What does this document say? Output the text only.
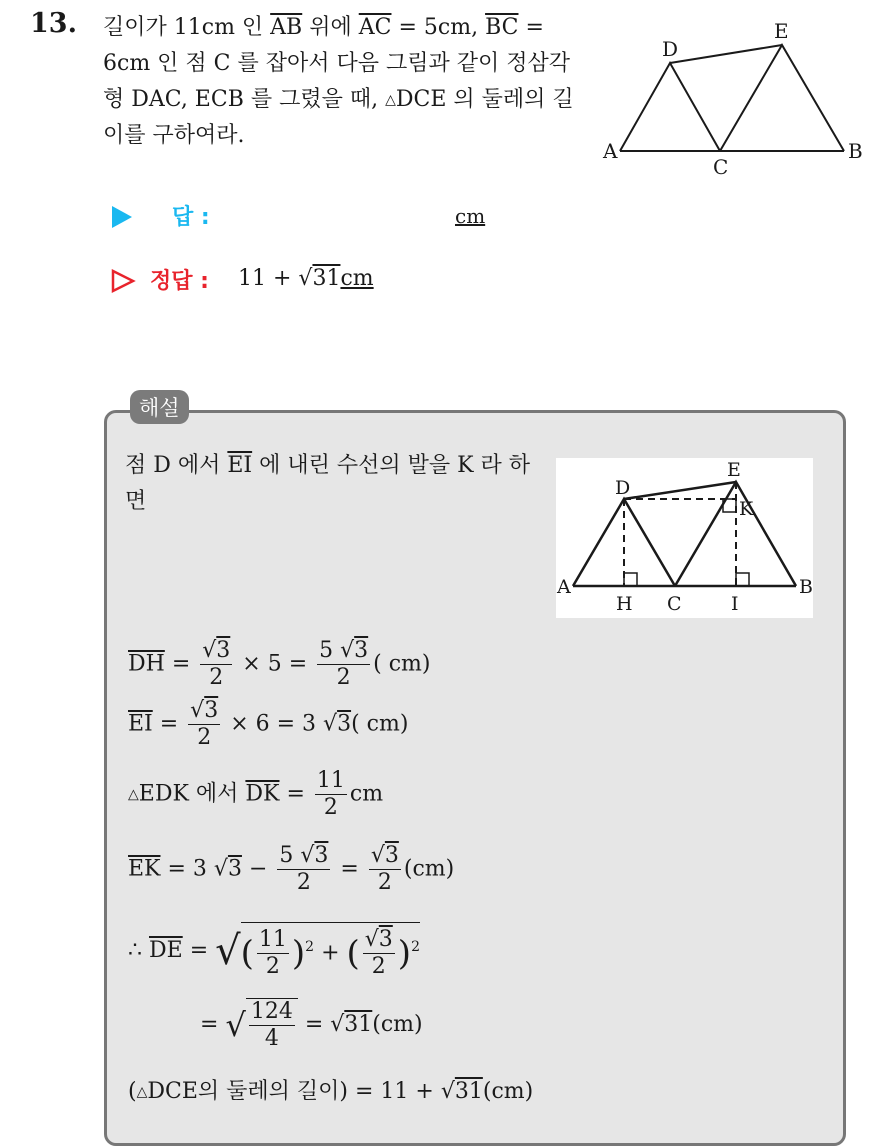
13. 길이가 11cm 인 $\overline{AB}$ 위에 $\overline{AC} = 5cm$, $\overline{BC} = 6cm$ 인 점 C 를 잡아서 다음 그림과 같이 정삼각형 DAC, ECB 를 그렸을 때, △DCE 의 둘레의 길이를 구하여라.
A	B
C
D
E
답 :	cm
정답 : 11 + √31cm
해설
점 D 에서 $\overline{EI}$ 에 내린 수선의 발을 K 라 하면
A	B
C
D
E
H	I
K
$\overline{DH} = \frac{√3}{2} \times 5 = \frac{5 √3}{2}$ ( cm)
$\overline{EI} = \frac{√3}{2} \times 6 = 3$ √3( cm)
△EDK 에서 $\overline{DK} = \frac{11}{2}$ cm
$\overline{EK} = 3$ $√3 - \frac{5 √3}{2} = \frac{√3}{2} (cm)$
∴ $\overline{DE}$ = √( $\frac{11}{2} )^2$ + ( $\frac{√3}{2} )^2$
= √ $\frac{124}{4} = √31(cm)$
(△DCE의 둘레의 길이) = 11 + √31(cm)
